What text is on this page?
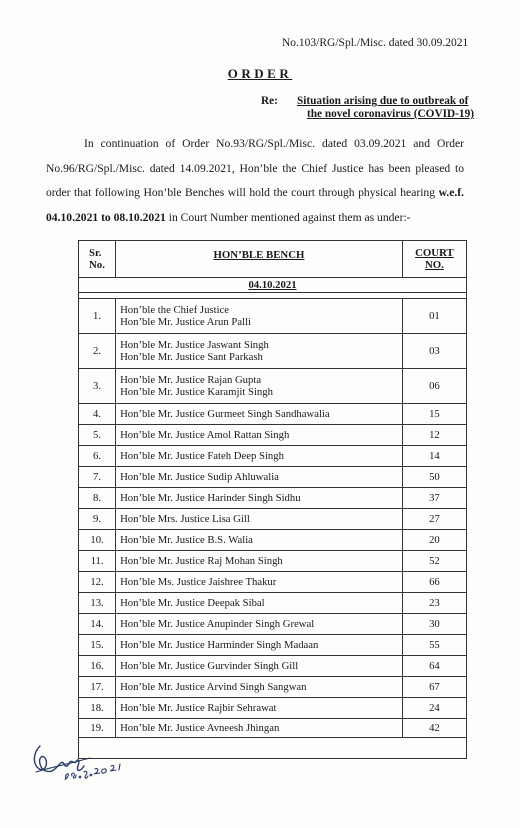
No.103/RG/Spl./Misc. dated 30.09.2021
ORDER
Re: Situation arising due to outbreak of
the novel coronavirus (COVID-19)

In continuation of Order No.93/RG/Spl./Misc. dated 03.09.2021 and Order No.96/RG/Spl./Misc. dated 14.09.2021, Hon’ble the Chief Justice has been pleased to order that following Hon’ble Benches will hold the court through physical hearing w.e.f. 04.10.2021 to 08.10.2021 in Court Number mentioned against them as under:-

Sr.
No.	HON’BLE BENCH	COURT
NO.
04.10.2021		

1.	Hon’ble the Chief Justice
Hon’ble Mr. Justice Arun Palli	01
2.	Hon’ble Mr. Justice Jaswant Singh
Hon’ble Mr. Justice Sant Parkash	03
3.	Hon’ble Mr. Justice Rajan Gupta
Hon’ble Mr. Justice Karamjit Singh	06
4.	Hon’ble Mr. Justice Gurmeet Singh Sandhawalia	15
5.	Hon’ble Mr. Justice Amol Rattan Singh	12
6.	Hon’ble Mr. Justice Fateh Deep Singh	14
7.	Hon’ble Mr. Justice Sudip Ahluwalia	50
8.	Hon’ble Mr. Justice Harinder Singh Sidhu	37
9.	Hon’ble Mrs. Justice Lisa Gill	27
10.	Hon’ble Mr. Justice B.S. Walia	20
11.	Hon’ble Mr. Justice Raj Mohan Singh	52
12.	Hon’ble Ms. Justice Jaishree Thakur	66
13.	Hon’ble Mr. Justice Deepak Sibal	23
14.	Hon’ble Mr. Justice Anupinder Singh Grewal	30
15.	Hon’ble Mr. Justice Harminder Singh Madaan	55
16.	Hon’ble Mr. Justice Gurvinder Singh Gill	64
17.	Hon’ble Mr. Justice Arvind Singh Sangwan	67
18.	Hon’ble Mr. Justice Rajbir Sehrawat	24
19.	Hon’ble Mr. Justice Avneesh Jhingan	42
